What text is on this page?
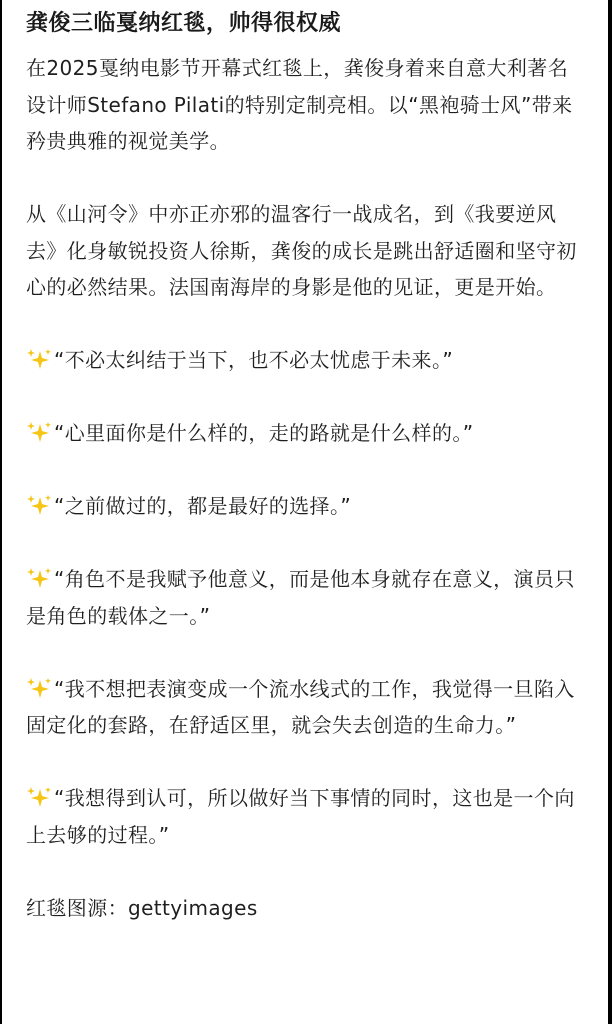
龚俊三临戛纳红毯，帅得很权威

在2025戛纳电影节开幕式红毯上，龚俊身着来自意大利著名设计师Stefano Pilati的特别定制亮相。以“黑袍骑士风”带来矜贵典雅的视觉美学。

从《山河令》中亦正亦邪的温客行一战成名，到《我要逆风去》化身敏锐投资人徐斯，龚俊的成长是跳出舒适圈和坚守初心的必然结果。法国南海岸的身影是他的见证，更是开始。

“不必太纠结于当下，也不必太忧虑于未来。”

“心里面你是什么样的，走的路就是什么样的。”

“之前做过的，都是最好的选择。”

“角色不是我赋予他意义，而是他本身就存在意义，演员只是角色的载体之一。”

“我不想把表演变成一个流水线式的工作，我觉得一旦陷入固定化的套路，在舒适区里，就会失去创造的生命力。”

“我想得到认可，所以做好当下事情的同时，这也是一个向上去够的过程。”

红毯图源：gettyimages
